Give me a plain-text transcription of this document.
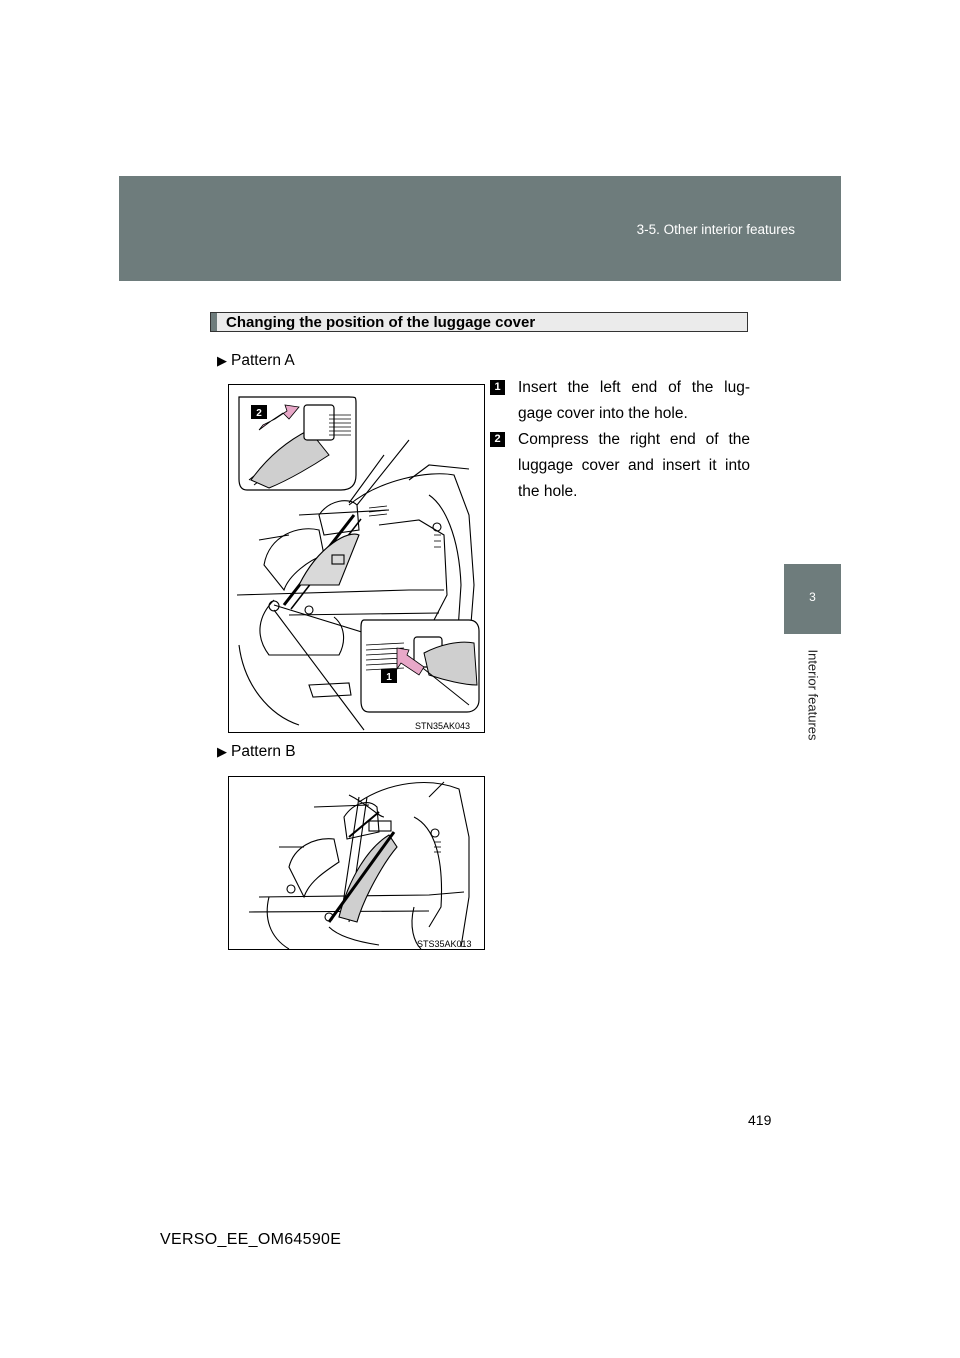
3-5. Other interior features
3
Interior features
Changing the position of the luggage cover
▶ Pattern A
2
1
STN35AK043
1 Insert the left end of the lug-
gage cover into the hole.
2 Compress the right end of the
luggage cover and insert it into the hole.
▶ Pattern B
STS35AK013
419
VERSO_EE_OM64590E
